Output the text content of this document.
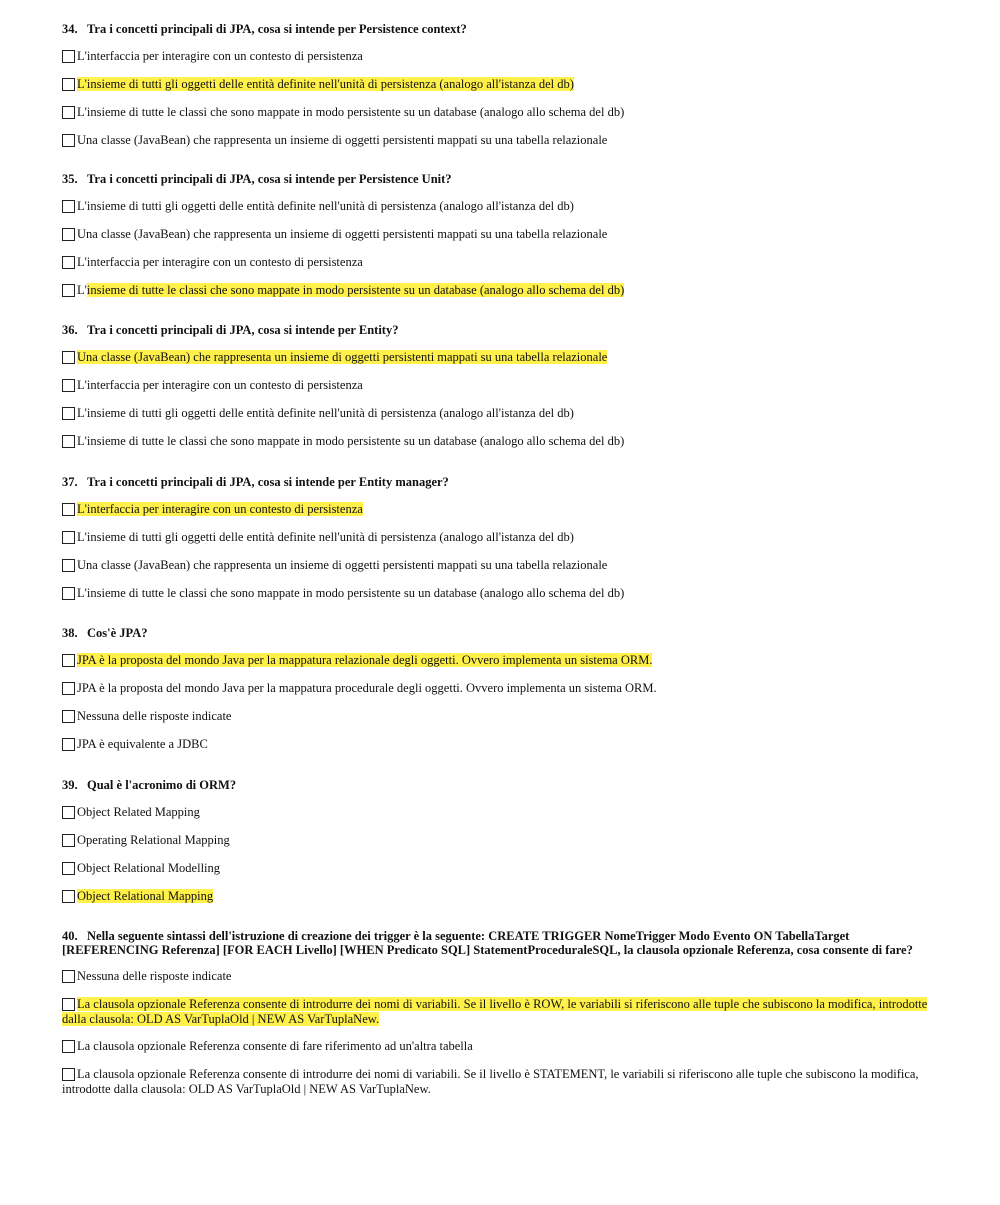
34. Tra i concetti principali di JPA, cosa si intende per Persistence context?
L'interfaccia per interagire con un contesto di persistenza
L'insieme di tutti gli oggetti delle entità definite nell'unità di persistenza (analogo all'istanza del db)
L'insieme di tutte le classi che sono mappate in modo persistente su un database (analogo allo schema del db)
Una classe (JavaBean) che rappresenta un insieme di oggetti persistenti mappati su una tabella relazionale
35. Tra i concetti principali di JPA, cosa si intende per Persistence Unit?
L'insieme di tutti gli oggetti delle entità definite nell'unità di persistenza (analogo all'istanza del db)
Una classe (JavaBean) che rappresenta un insieme di oggetti persistenti mappati su una tabella relazionale
L'interfaccia per interagire con un contesto di persistenza
L'insieme di tutte le classi che sono mappate in modo persistente su un database (analogo allo schema del db)
36. Tra i concetti principali di JPA, cosa si intende per Entity?
Una classe (JavaBean) che rappresenta un insieme di oggetti persistenti mappati su una tabella relazionale
L'interfaccia per interagire con un contesto di persistenza
L'insieme di tutti gli oggetti delle entità definite nell'unità di persistenza (analogo all'istanza del db)
L'insieme di tutte le classi che sono mappate in modo persistente su un database (analogo allo schema del db)
37. Tra i concetti principali di JPA, cosa si intende per Entity manager?
L'interfaccia per interagire con un contesto di persistenza
L'insieme di tutti gli oggetti delle entità definite nell'unità di persistenza (analogo all'istanza del db)
Una classe (JavaBean) che rappresenta un insieme di oggetti persistenti mappati su una tabella relazionale
L'insieme di tutte le classi che sono mappate in modo persistente su un database (analogo allo schema del db)
38. Cos'è JPA?
JPA è la proposta del mondo Java per la mappatura relazionale degli oggetti. Ovvero implementa un sistema ORM.
JPA è la proposta del mondo Java per la mappatura procedurale degli oggetti. Ovvero implementa un sistema ORM.
Nessuna delle risposte indicate
JPA è equivalente a JDBC
39. Qual è l'acronimo di ORM?
Object Related Mapping
Operating Relational Mapping
Object Relational Modelling
Object Relational Mapping
40. Nella seguente sintassi dell'istruzione di creazione dei trigger è la seguente: CREATE TRIGGER NomeTrigger Modo Evento ON TabellaTarget [REFERENCING Referenza] [FOR EACH Livello] [WHEN Predicato SQL] StatementProceduraleSQL, la clausola opzionale Referenza, cosa consente di fare?
Nessuna delle risposte indicate
La clausola opzionale Referenza consente di introdurre dei nomi di variabili. Se il livello è ROW, le variabili si riferiscono alle tuple che subiscono la modifica, introdotte dalla clausola: OLD AS VarTuplaOld | NEW AS VarTuplaNew.
La clausola opzionale Referenza consente di fare riferimento ad un'altra tabella
La clausola opzionale Referenza consente di introdurre dei nomi di variabili. Se il livello è STATEMENT, le variabili si riferiscono alle tuple che subiscono la modifica, introdotte dalla clausola: OLD AS VarTuplaOld | NEW AS VarTuplaNew.
